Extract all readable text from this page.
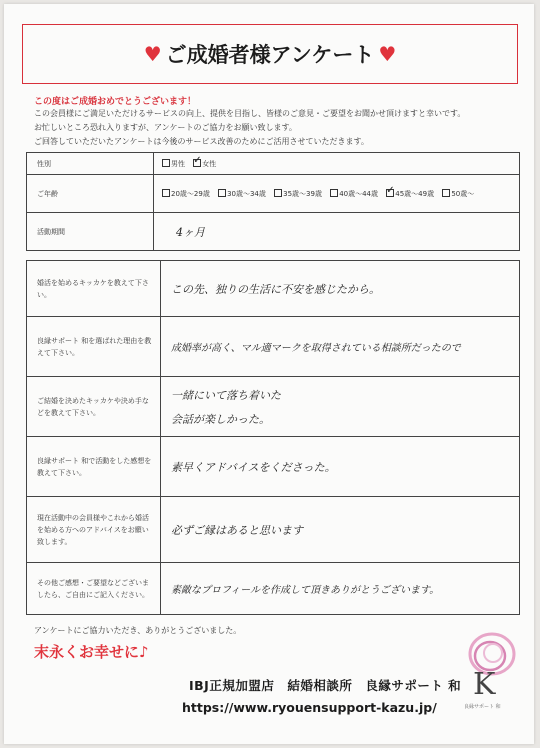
♥ ご成婚者様アンケート ♥
この度はご成婚おめでとうございます！
この会員様にご満足いただけるサービスの向上、提供を目指し、皆様のご意見・ご要望をお聞かせ頂けますと幸いです。
お忙しいところ恐れ入りますが、アンケートのご協力をお願い致します。
ご回答していただいたアンケートは今後のサービス改善のためにご活用させていただきます。
性別	男性 ✓ 女性
ご年齢	20歳～29歳 30歳～34歳 35歳～39歳 40歳～44歳 ✓ 45歳～49歳 50歳～
活動期間	4ヶ月
婚活を始めるキッカケを教えて下さい。	この先、独りの生活に不安を感じたから。
良縁サポート 和を選ばれた理由を教えて下さい。	成婚率が高く、マル適マークを取得されている相談所だったので
ご結婚を決めたキッカケや決め手などを教えて下さい。	一緒にいて落ち着いた
会話が楽しかった。

良縁サポート 和で活動をした感想を教えて下さい。	素早くアドバイスをくださった。
現在活動中の会員様やこれから婚活を始める方へのアドバイスをお願い致します。	必ずご縁はあると思います
その他ご感想・ご要望などございましたら、ご自由にご記入ください。	素敵なプロフィールを作成して頂きありがとうございます。
アンケートにご協力いただき、ありがとうございました。
末永くお幸せに♪
IBJ正規加盟店　結婚相談所　良縁サポート 和
https://www.ryouensupport-kazu.jp/
K
良縁サポート 和
